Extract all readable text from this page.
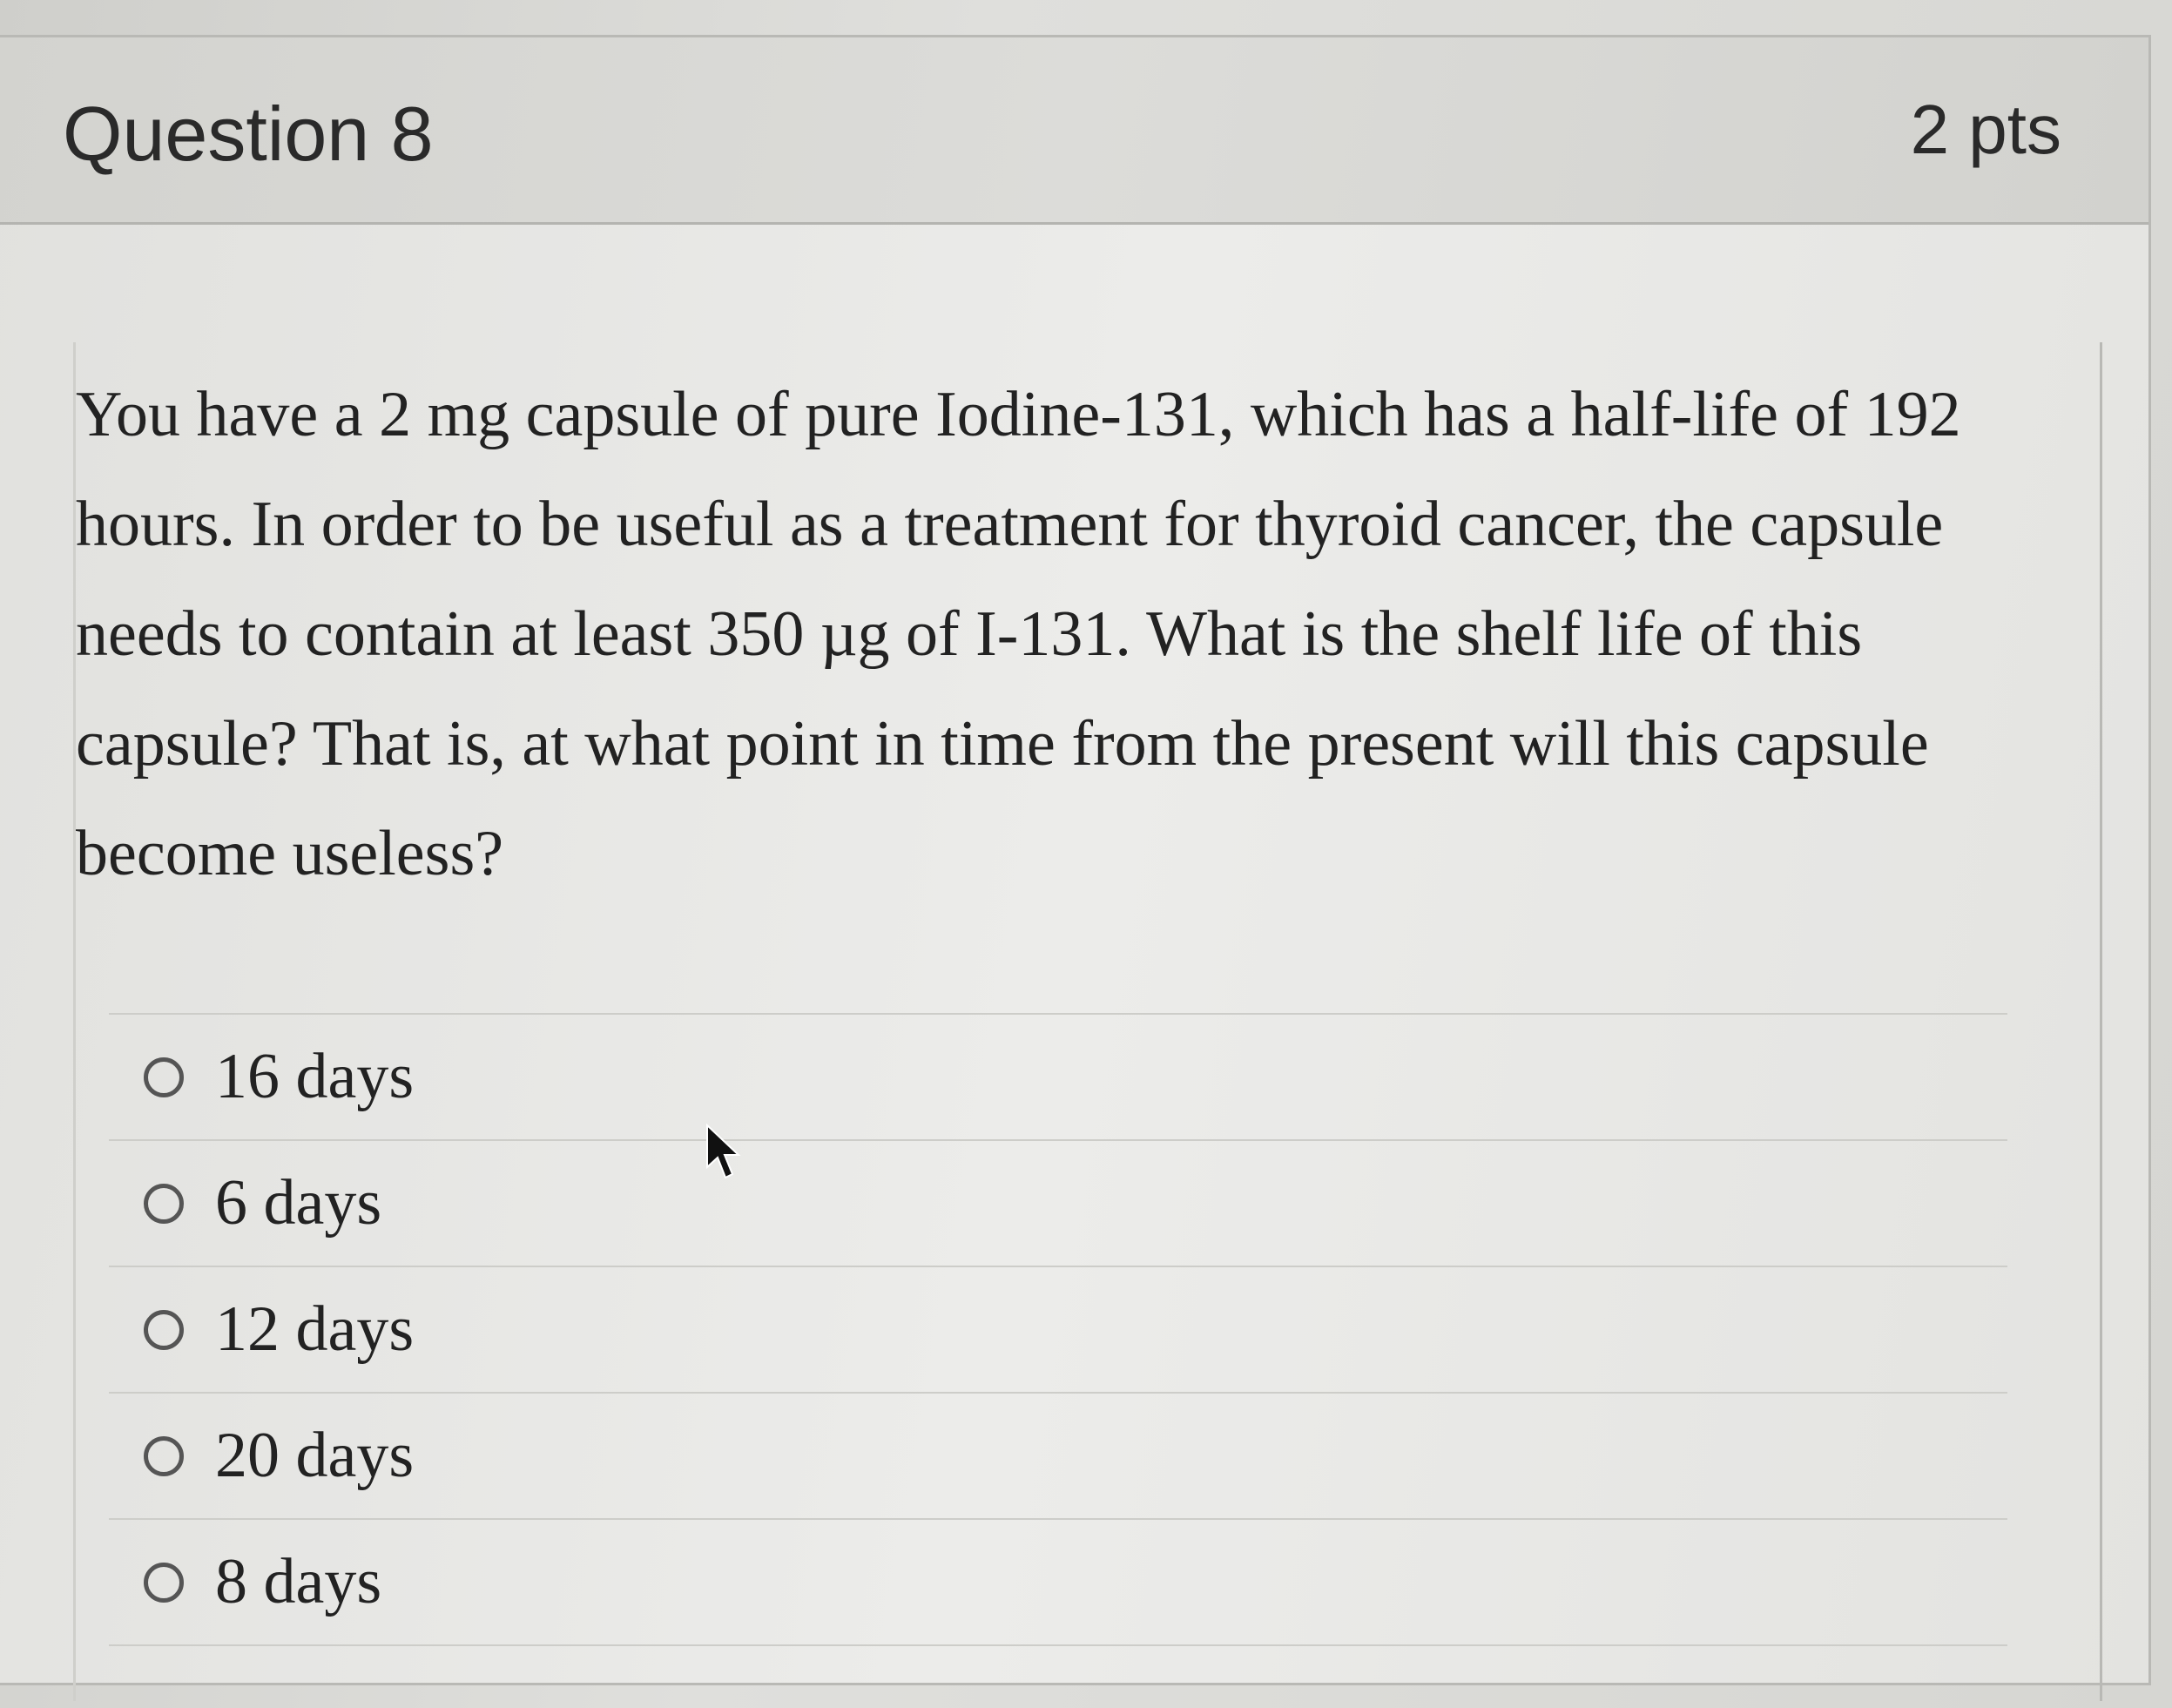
Question 8	2 pts

You have a 2 mg capsule of pure Iodine-131, which has a half-life of 192 hours. In order to be useful as a treatment for thyroid cancer, the capsule needs to contain at least 350 µg of I-131. What is the shelf life of this capsule? That is, at what point in time from the present will this capsule become useless?

16 days
6 days
12 days
20 days
8 days
